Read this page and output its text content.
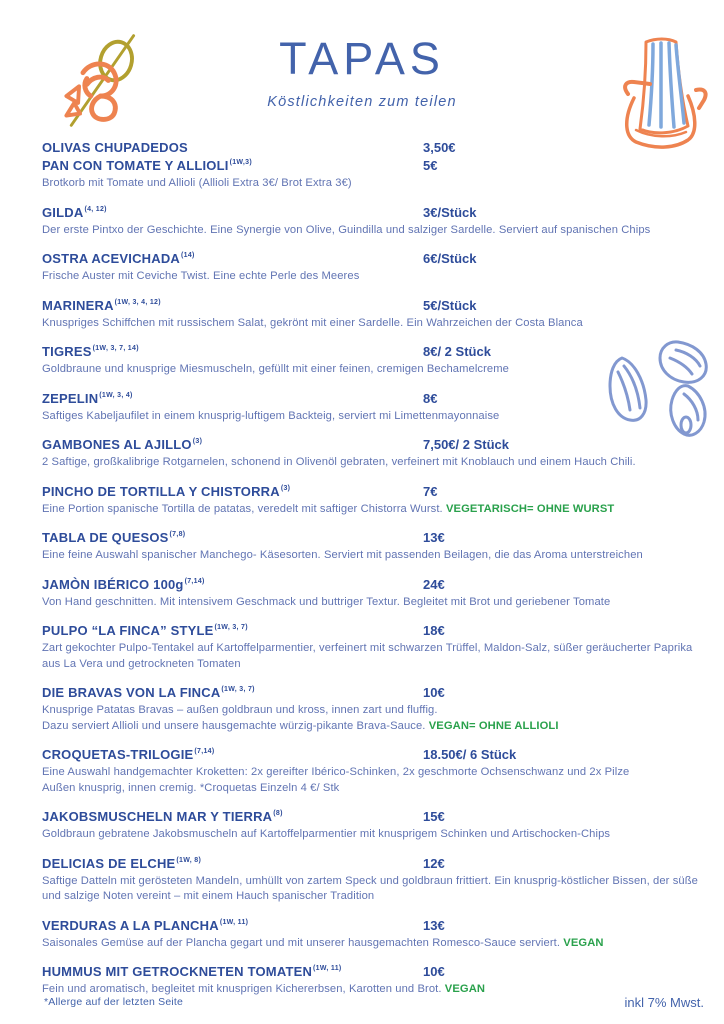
TAPAS
Köstlichkeiten zum teilen
OLIVAS CHUPADEDOS	3,50€
PAN CON TOMATE Y $ALLIOLI^{(1W,3)}$	5€
Brotkorb mit Tomate und Allioli (Allioli Extra 3€/ Brot Extra 3€)
GILDA$^{(4, 12)}$	3€/Stück
Der erste Pintxo der Geschichte. Eine Synergie von Olive, Guindilla und salziger Sardelle. Serviert auf spanischen Chips
OSTRA ACEVICHADA$^{(14)}$	6€/Stück
Frische Auster mit Ceviche Twist. Eine echte Perle des Meeres
$MARINERA^{(1W, 3, 4, 12)}$	5€/Stück
Knuspriges Schiffchen mit russischem Salat, gekrönt mit einer Sardelle. Ein Wahrzeichen der Costa Blanca
$TIGRES^{(1W, 3, 7, 14)}$	8€/ 2 Stück
Goldbraune und knusprige Miesmuscheln, gefüllt mit einer feinen, cremigen Bechamelcreme
$ZEPELIN^{(1W, 3, 4)}$	8€
Saftiges Kabeljaufilet in einem knusprig-luftigem Backteig, serviert mi Limettenmayonnaise
GAMBONES AL AJILLO$^{(3)}$	7,50€/ 2 Stück
2 Saftige, großkalibrige Rotgarnelen, schonend in Olivenöl gebraten, verfeinert mit Knoblauch und einem Hauch Chili.
PINCHO DE TORTILLA Y CHISTORRA$^{(3)}$	7€
Eine Portion spanische Tortilla de patatas, veredelt mit saftiger Chistorra Wurst. VEGETARISCH= OHNE WURST
TABLA DE QUESOS$^{(7,8)}$	13€
Eine feine Auswahl spanischer Manchego- Käsesorten. Serviert mit passenden Beilagen, die das Aroma unterstreichen
JAMÒN IBÉRICO $100g^{(7,14)}$	24€
Von Hand geschnitten. Mit intensivem Geschmack und buttriger Textur. Begleitet mit Brot und geriebener Tomate
PULPO “LA FINCA” $STYLE^{(1W, 3, 7)}$	18€
Zart gekochter Pulpo-Tentakel auf Kartoffelparmentier, verfeinert mit schwarzen Trüffel, Maldon-Salz, süßer geräucherter Paprika aus La Vera und getrockneten Tomaten
DIE BRAVAS VON LA $FINCA^{(1W, 3, 7)}$	10€
Knusprige Patatas Bravas – außen goldbraun und kross, innen zart und fluffig.
Dazu serviert Allioli und unsere hausgemachte würzig-pikante Brava-Sauce. VEGAN= OHNE ALLIOLI
CROQUETAS-TRILOGIE$^{(7,14)}$	18.50€/ 6 Stück
Eine Auswahl handgemachter Kroketten: 2x gereifter Ibérico-Schinken, 2x geschmorte Ochsenschwanz und 2x Pilze
Außen knusprig, innen cremig. *Croquetas Einzeln 4 €/ Stk
JAKOBSMUSCHELN MAR Y TIERRA$^{(8)}$	15€
Goldbraun gebratene Jakobsmuscheln auf Kartoffelparmentier mit knusprigem Schinken und Artischocken-Chips
DELICIAS DE $ELCHE^{(1W, 8)}$	12€
Saftige Datteln mit gerösteten Mandeln, umhüllt von zartem Speck und goldbraun frittiert. Ein knusprig-köstlicher Bissen, der süße und salzige Noten vereint – mit einem Hauch spanischer Tradition
VERDURAS A LA $PLANCHA^{(1W, 11)}$	13€
Saisonales Gemüse auf der Plancha gegart und mit unserer hausgemachten Romesco-Sauce serviert. VEGAN
HUMMUS MIT GETROCKNETEN $TOMATEN^{(1W, 11)}$	10€
Fein und aromatisch, begleitet mit knusprigen Kichererbsen, Karotten und Brot. VEGAN
*Allerge auf der letzten Seite	inkl 7% Mwst.
